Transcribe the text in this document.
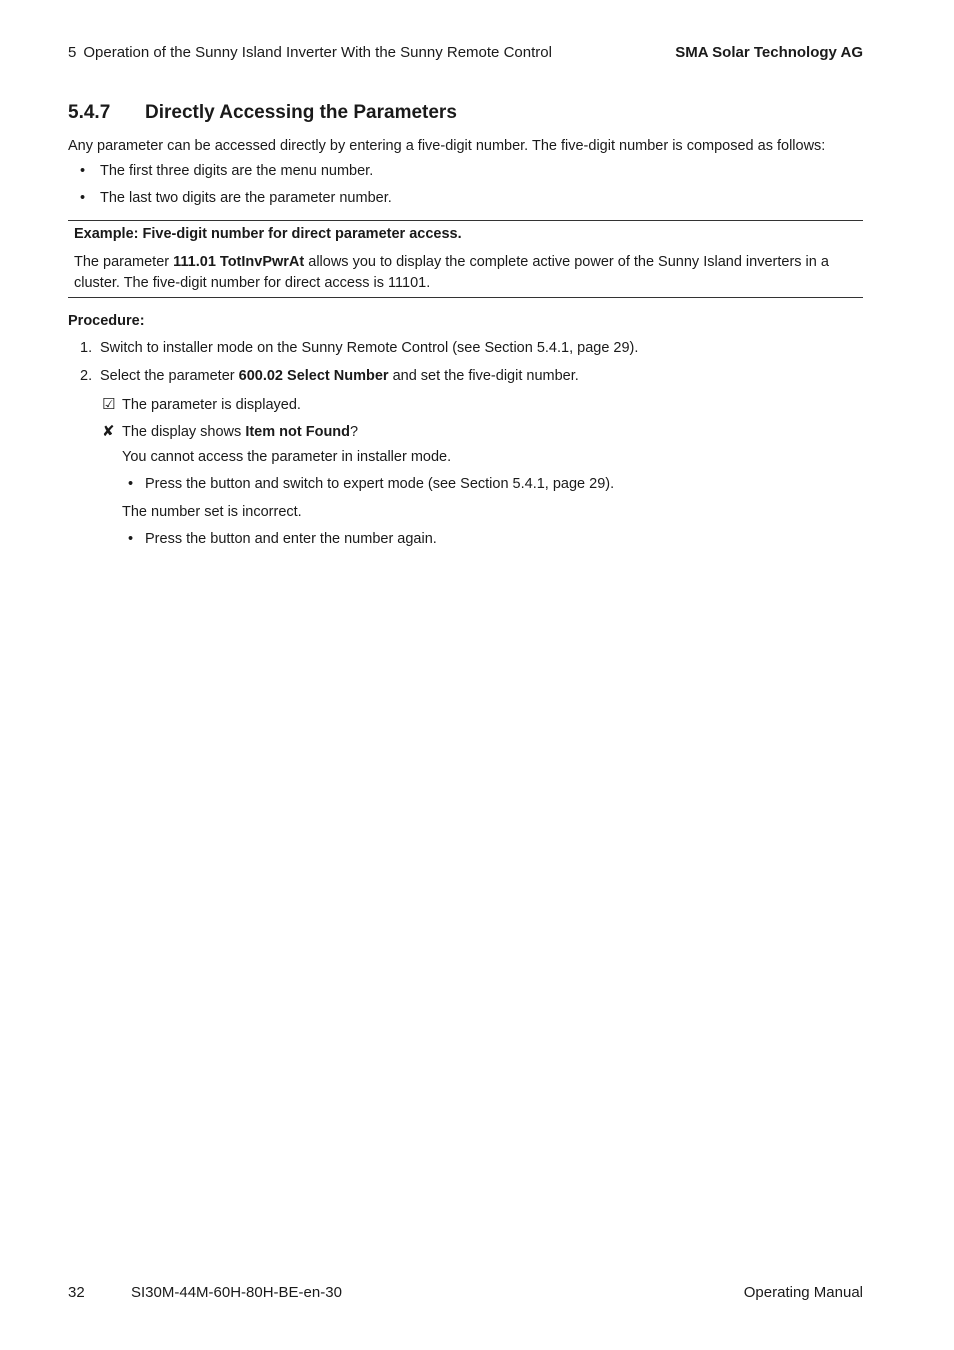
5 Operation of the Sunny Island Inverter With the Sunny Remote Control	SMA Solar Technology AG
5.4.7 Directly Accessing the Parameters
Any parameter can be accessed directly by entering a five-digit number. The five-digit number is composed as follows:
• The first three digits are the menu number.
• The last two digits are the parameter number.
Example: Five-digit number for direct parameter access.
The parameter 111.01 TotInvPwrAt allows you to display the complete active power of the Sunny Island inverters in a cluster. The five-digit number for direct access is 11101.
Procedure:
1. Switch to installer mode on the Sunny Remote Control (see Section 5.4.1, page 29).
2. Select the parameter 600.02 Select Number and set the five-digit number.
☑ The parameter is displayed.
✘ The display shows Item not Found?
You cannot access the parameter in installer mode.
• Press the button and switch to expert mode (see Section 5.4.1, page 29).
The number set is incorrect.
• Press the button and enter the number again.
32	SI30M-44M-60H-80H-BE-en-30	Operating Manual
